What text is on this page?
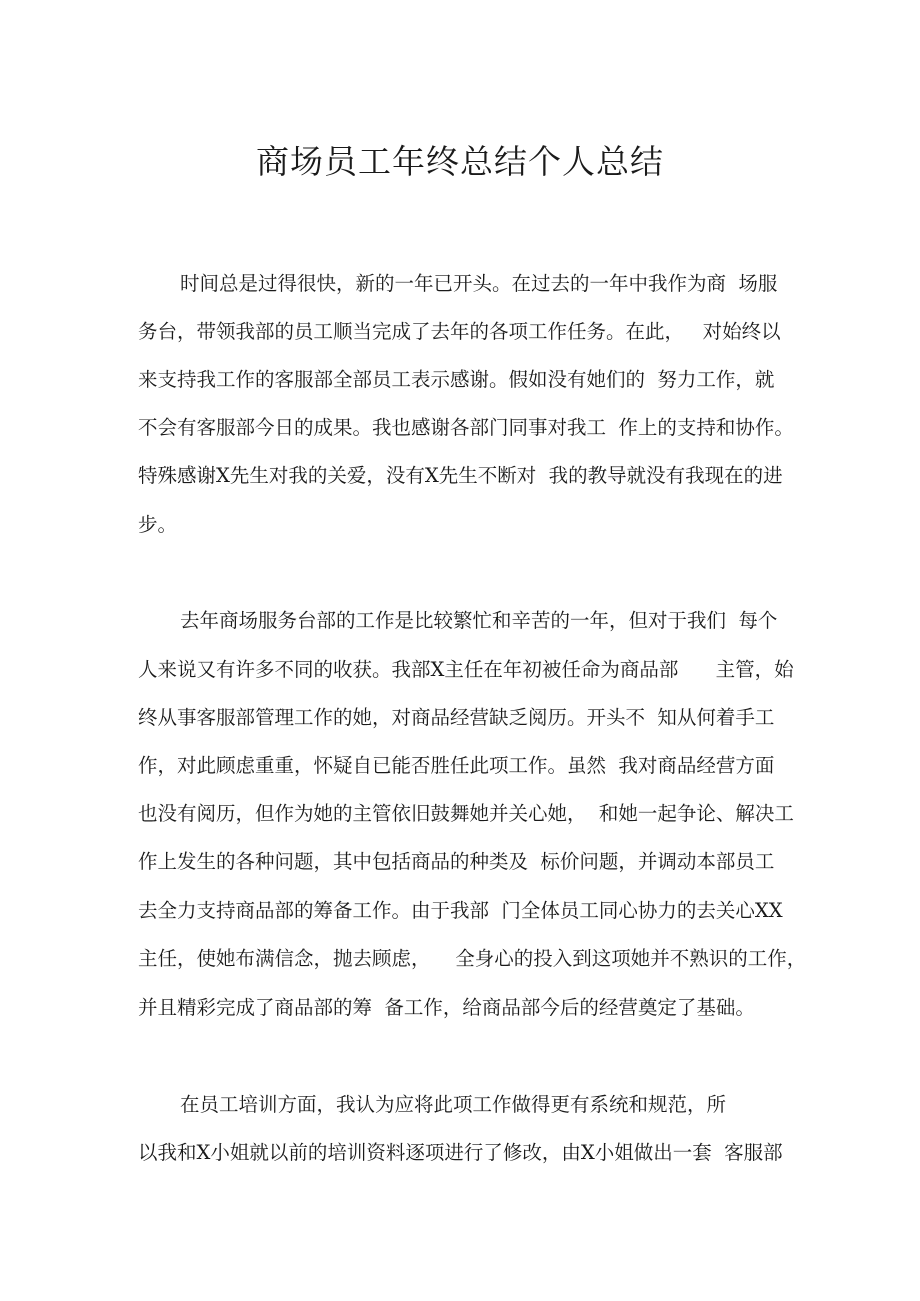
商场员工年终总结个人总结
时间总是过得很快，新的一年已开头。在过去的一年中我作为商  场服
务台，带领我部的员工顺当完成了去年的各项工作任务。在此，   对始终以
来支持我工作的客服部全部员工表示感谢。假如没有她们的  努力工作，就
不会有客服部今日的成果。我也感谢各部门同事对我工  作上的支持和协作。
特殊感谢X先生对我的关爱，没有X先生不断对  我的教导就没有我现在的进
步。
去年商场服务台部的工作是比较繁忙和辛苦的一年，但对于我们  每个
人来说又有许多不同的收获。我部X主任在年初被任命为商品部      主管，始
终从事客服部管理工作的她，对商品经营缺乏阅历。开头不  知从何着手工
作，对此顾虑重重，怀疑自已能否胜任此项工作。虽然  我对商品经营方面
也没有阅历，但作为她的主管依旧鼓舞她并关心她，  和她一起争论、解决工
作上发生的各种问题，其中包括商品的种类及  标价问题，并调动本部员工
去全力支持商品部的筹备工作。由于我部  门全体员工同心协力的去关心XX
主任，使她布满信念，抛去顾虑，    全身心的投入到这项她并不熟识的工作，
并且精彩完成了商品部的筹  备工作，给商品部今后的经营奠定了基础。
在员工培训方面，我认为应将此项工作做得更有系统和规范，所
以我和X小姐就以前的培训资料逐项进行了修改，由X小姐做出一套  客服部
